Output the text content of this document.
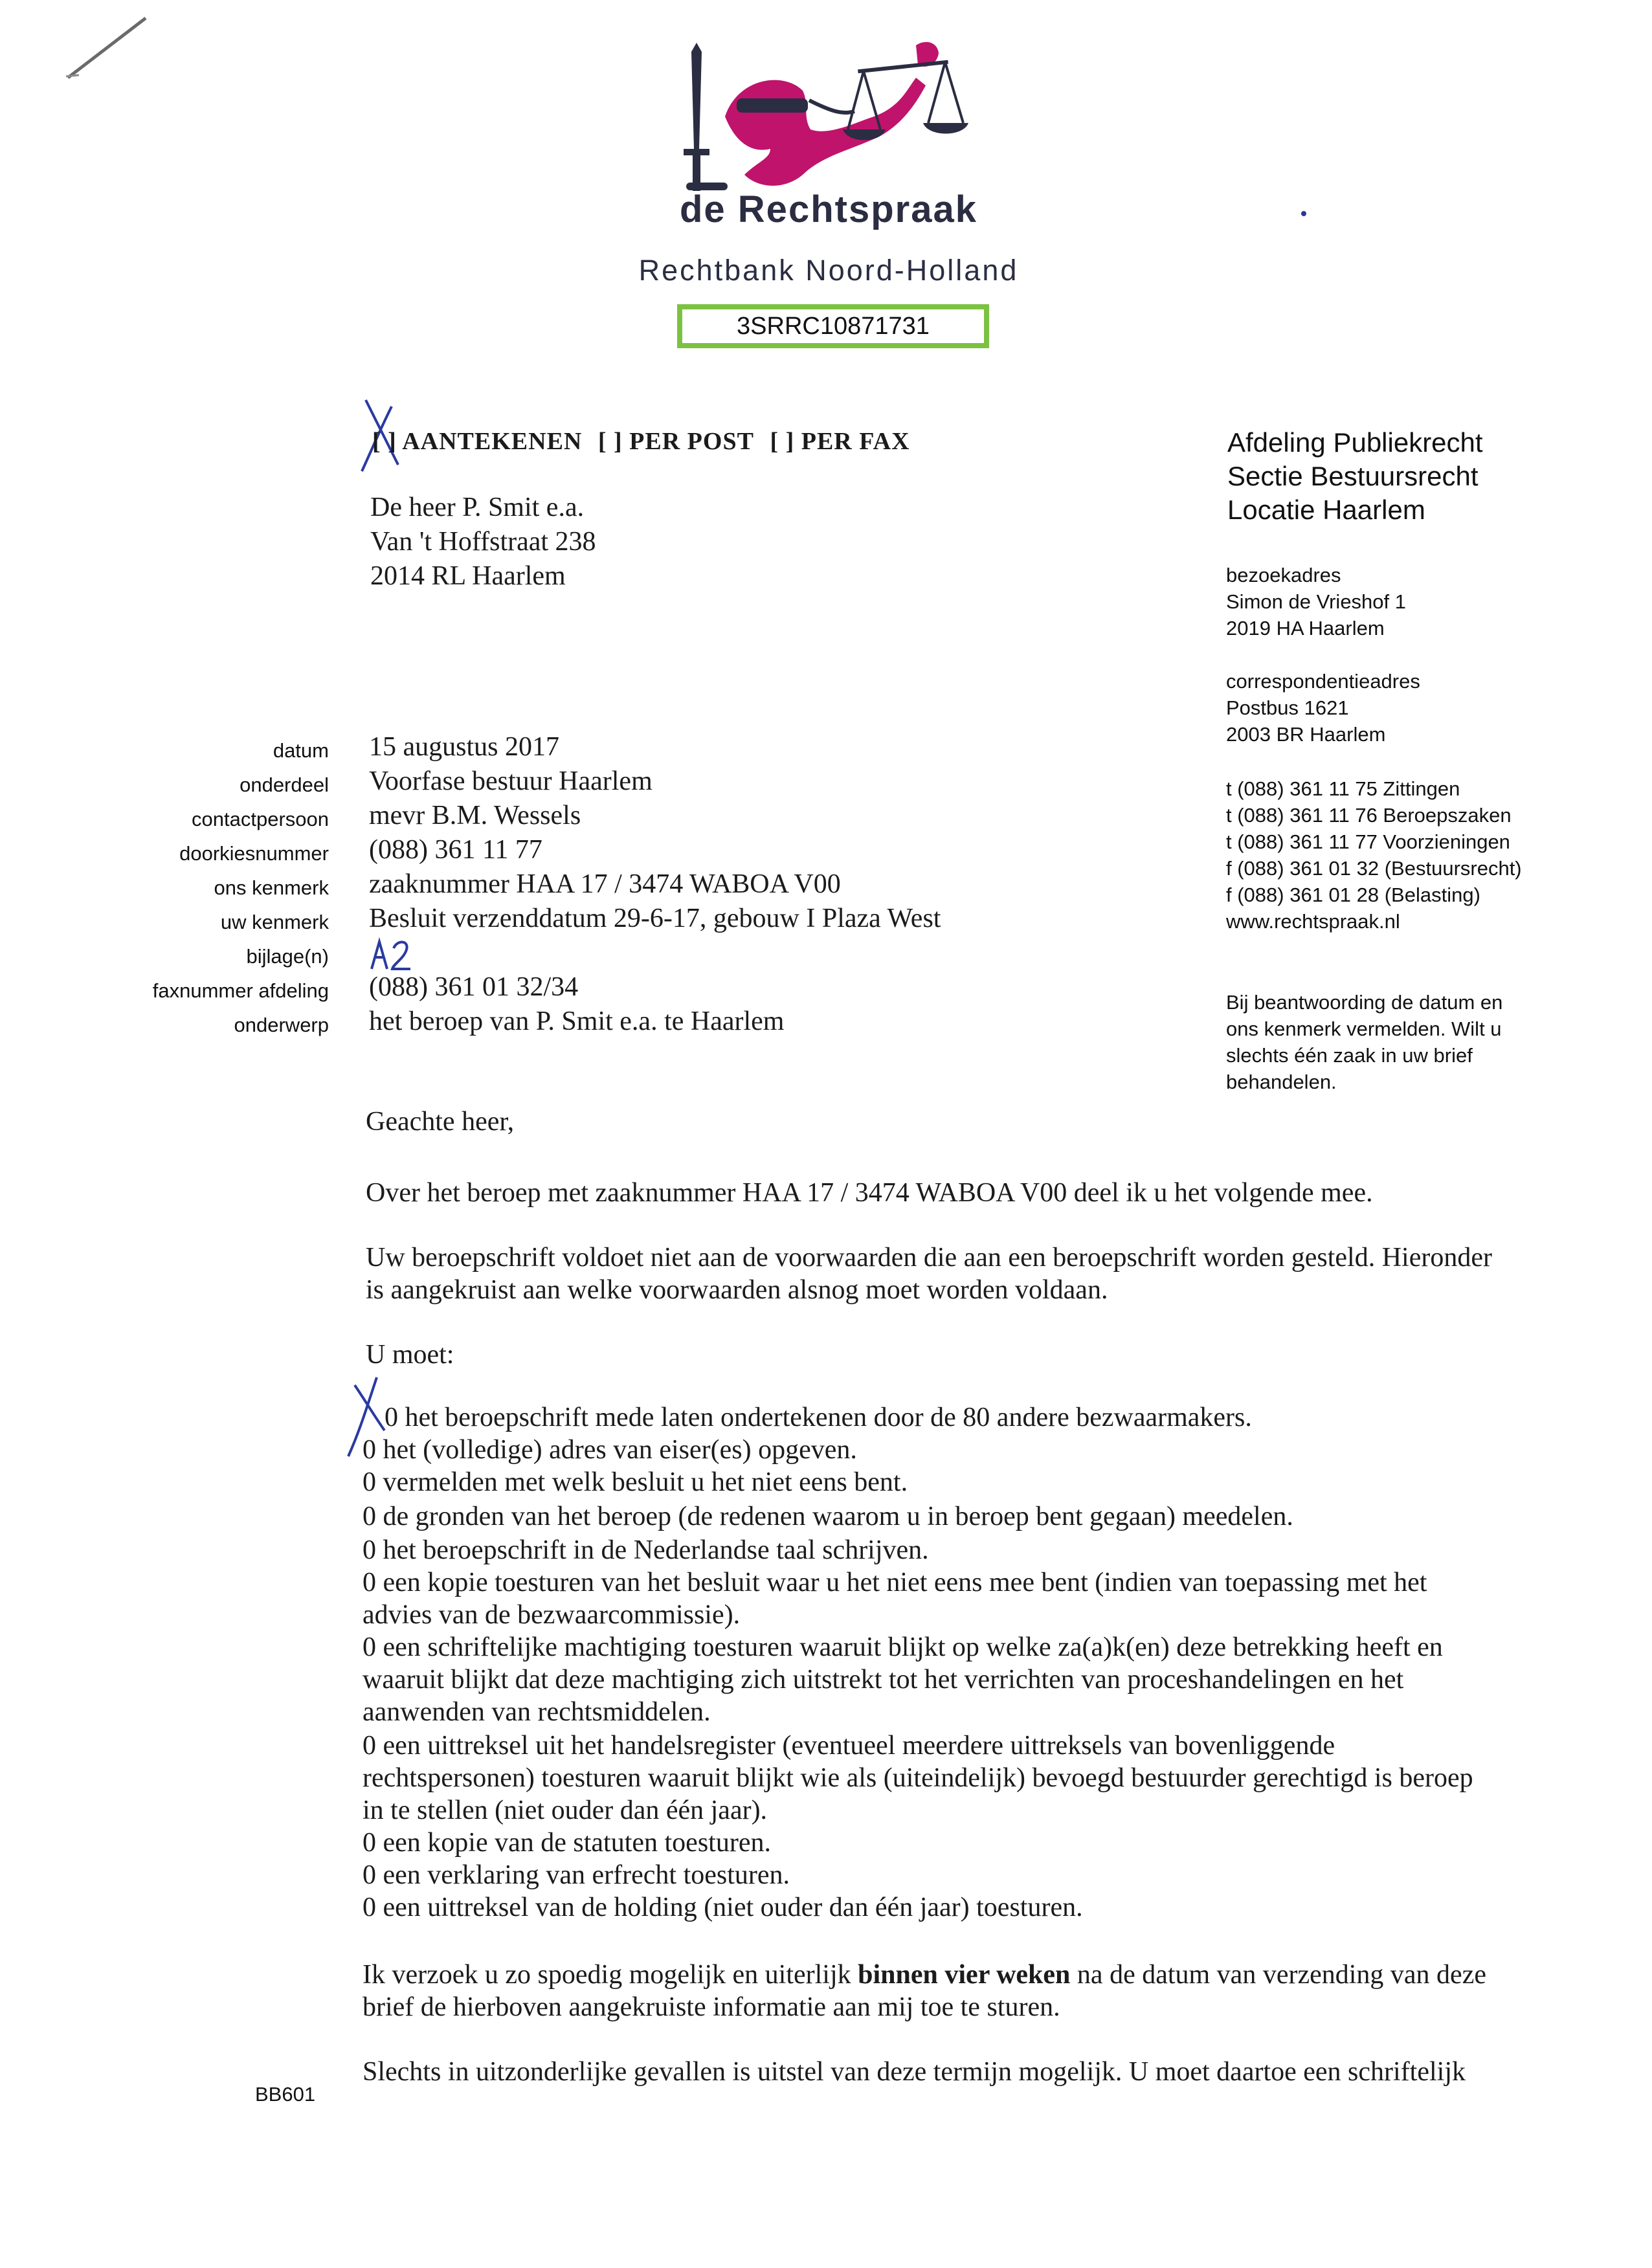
de Rechtspraak
Rechtbank Noord-Holland
3SRRC10871731
[ ] AANTEKENEN [ ] PER POST [ ] PER FAX
De heer P. Smit e.a.
Van 't Hoffstraat 238
2014 RL Haarlem
Afdeling Publiekrecht
Sectie Bestuursrecht
Locatie Haarlem
bezoekadres
Simon de Vrieshof 1
2019 HA Haarlem
correspondentieadres
Postbus 1621
2003 BR Haarlem
t (088) 361 11 75 Zittingen
t (088) 361 11 76 Beroepszaken
t (088) 361 11 77 Voorzieningen
f (088) 361 01 32 (Bestuursrecht)
f (088) 361 01 28 (Belasting)
www.rechtspraak.nl
Bij beantwoording de datum en
ons kenmerk vermelden. Wilt u
slechts één zaak in uw brief
behandelen.
datum 15 augustus 2017
onderdeel Voorfase bestuur Haarlem
contactpersoon mevr B.M. Wessels
doorkiesnummer (088) 361 11 77
ons kenmerk zaaknummer HAA 17 / 3474 WABOA V00
uw kenmerk Besluit verzenddatum 29-6-17, gebouw I Plaza West
bijlage(n)
faxnummer afdeling (088) 361 01 32/34
onderwerp het beroep van P. Smit e.a. te Haarlem
Geachte heer,
Over het beroep met zaaknummer HAA 17 / 3474 WABOA V00 deel ik u het volgende mee.
Uw beroepschrift voldoet niet aan de voorwaarden die aan een beroepschrift worden gesteld. Hieronder
is aangekruist aan welke voorwaarden alsnog moet worden voldaan.
U moet:
0 het beroepschrift mede laten ondertekenen door de 80 andere bezwaarmakers.
0 het (volledige) adres van eiser(es) opgeven.
0 vermelden met welk besluit u het niet eens bent.
0 de gronden van het beroep (de redenen waarom u in beroep bent gegaan) meedelen.
0 het beroepschrift in de Nederlandse taal schrijven.
0 een kopie toesturen van het besluit waar u het niet eens mee bent (indien van toepassing met het
advies van de bezwaarcommissie).
0 een schriftelijke machtiging toesturen waaruit blijkt op welke za(a)k(en) deze betrekking heeft en
waaruit blijkt dat deze machtiging zich uitstrekt tot het verrichten van proceshandelingen en het
aanwenden van rechtsmiddelen.
0 een uittreksel uit het handelsregister (eventueel meerdere uittreksels van bovenliggende
rechtspersonen) toesturen waaruit blijkt wie als (uiteindelijk) bevoegd bestuurder gerechtigd is beroep
in te stellen (niet ouder dan één jaar).
0 een kopie van de statuten toesturen.
0 een verklaring van erfrecht toesturen.
0 een uittreksel van de holding (niet ouder dan één jaar) toesturen.
Ik verzoek u zo spoedig mogelijk en uiterlijk binnen vier weken na de datum van verzending van deze
brief de hierboven aangekruiste informatie aan mij toe te sturen.
Slechts in uitzonderlijke gevallen is uitstel van deze termijn mogelijk. U moet daartoe een schriftelijk
BB601
